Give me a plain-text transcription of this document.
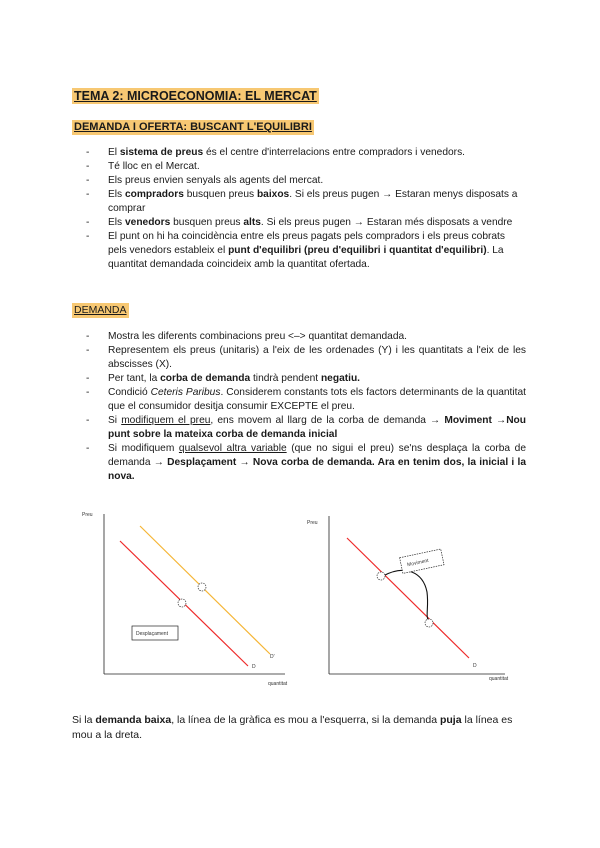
TEMA 2: MICROECONOMIA: EL MERCAT
DEMANDA I OFERTA: BUSCANT L'EQUILIBRI
- El sistema de preus és el centre d'interrelacions entre compradors i venedors.
- Té lloc en el Mercat.
- Els preus envien senyals als agents del mercat.
- Els compradors busquen preus baixos. Si els preus pugen → Estaran menys disposats a comprar
- Els venedors busquen preus alts. Si els preus pugen → Estaran més disposats a vendre
- El punt on hi ha coincidència entre els preus pagats pels compradors i els preus cobrats pels venedors estableix el punt d'equilibri (preu d'equilibri i quantitat d'equilibri). La quantitat demandada coincideix amb la quantitat ofertada.
DEMANDA
- Mostra les diferents combinacions preu <–> quantitat demandada.
- Representem els preus (unitaris) a l'eix de les ordenades (Y) i les quantitats a l'eix de les abscisses (X).
- Per tant, la corba de demanda tindrà pendent negatiu.
- Condició Ceteris Paribus. Considerem constants tots els factors determinants de la quantitat que el consumidor desitja consumir EXCEPTE el preu.
- Si modifiquem el preu, ens movem al llarg de la corba de demanda → Moviment →Nou punt sobre la mateixa corba de demanda inicial
- Si modifiquem qualsevol altra variable (que no sigui el preu) se'ns desplaça la corba de demanda → Desplaçament → Nova corba de demanda. Ara en tenim dos, la inicial i la nova.
Preu
quantitat
Desplaçament
D
D'
Preu
quantitat
Moviment
D
Si la demanda baixa, la línea de la gràfica es mou a l'esquerra, si la demanda puja la línea es mou a la dreta.
